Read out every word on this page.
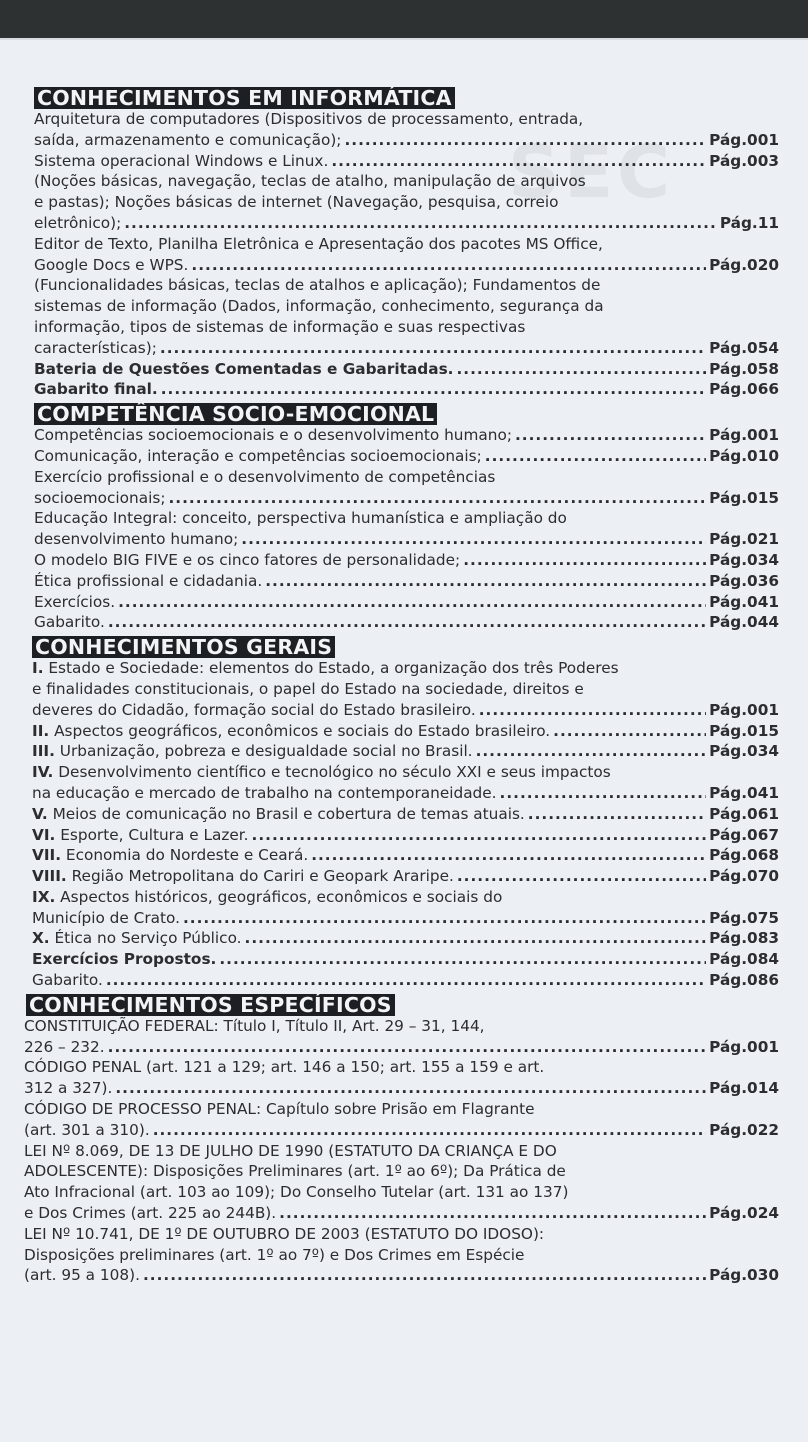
SEC
CONHECIMENTOS EM INFORMÁTICA
Arquitetura de computadores (Dispositivos de processamento, entrada,
saída, armazenamento e comunicação); .....	Pág.001
Sistema operacional Windows e Linux. .....	Pág.003
(Noções básicas, navegação, teclas de atalho, manipulação de arquivos
e pastas); Noções básicas de internet (Navegação, pesquisa, correio
eletrônico); .....	Pág.11
Editor de Texto, Planilha Eletrônica e Apresentação dos pacotes MS Office,
Google Docs e WPS. .....	Pág.020
(Funcionalidades básicas, teclas de atalhos e aplicação); Fundamentos de
sistemas de informação (Dados, informação, conhecimento, segurança da
informação, tipos de sistemas de informação e suas respectivas
características); .....	Pág.054
Bateria de Questões Comentadas e Gabaritadas. .....	Pág.058
Gabarito final. .....	Pág.066
COMPETÊNCIA SOCIO-EMOCIONAL
Competências socioemocionais e o desenvolvimento humano; .....	Pág.001
Comunicação, interação e competências socioemocionais; .....	Pág.010
Exercício profissional e o desenvolvimento de competências
socioemocionais; .....	Pág.015
Educação Integral: conceito, perspectiva humanística e ampliação do
desenvolvimento humano; .....	Pág.021
O modelo BIG FIVE e os cinco fatores de personalidade; .....	Pág.034
Ética profissional e cidadania. .....	Pág.036
Exercícios. .....	Pág.041
Gabarito. .....	Pág.044
CONHECIMENTOS GERAIS
I. Estado e Sociedade: elementos do Estado, a organização dos três Poderes
e finalidades constitucionais, o papel do Estado na sociedade, direitos e
deveres do Cidadão, formação social do Estado brasileiro. .....	Pág.001
II. Aspectos geográficos, econômicos e sociais do Estado brasileiro. .....	Pág.015
III. Urbanização, pobreza e desigualdade social no Brasil. .....	Pág.034
IV. Desenvolvimento científico e tecnológico no século XXI e seus impactos
na educação e mercado de trabalho na contemporaneidade. .....	Pág.041
V. Meios de comunicação no Brasil e cobertura de temas atuais. .....	Pág.061
VI. Esporte, Cultura e Lazer. .....	Pág.067
VII. Economia do Nordeste e Ceará. .....	Pág.068
VIII. Região Metropolitana do Cariri e Geopark Araripe. .....	Pág.070
IX. Aspectos históricos, geográficos, econômicos e sociais do
Município de Crato. .....	Pág.075
X. Ética no Serviço Público. .....	Pág.083
Exercícios Propostos. .....	Pág.084
Gabarito. .....	Pág.086
CONHECIMENTOS ESPECÍFICOS
CONSTITUIÇÃO FEDERAL: Título I, Título II, Art. 29 – 31, 144,
226 – 232. .....	Pág.001
CÓDIGO PENAL (art. 121 a 129; art. 146 a 150; art. 155 a 159 e art.
312 a 327). .....	Pág.014
CÓDIGO DE PROCESSO PENAL: Capítulo sobre Prisão em Flagrante
(art. 301 a 310). .....	Pág.022
LEI Nº 8.069, DE 13 DE JULHO DE 1990 (ESTATUTO DA CRIANÇA E DO
ADOLESCENTE): Disposições Preliminares (art. 1º ao 6º); Da Prática de
Ato Infracional (art. 103 ao 109); Do Conselho Tutelar (art. 131 ao 137)
e Dos Crimes (art. 225 ao 244B). .....	Pág.024
LEI Nº 10.741, DE 1º DE OUTUBRO DE 2003 (ESTATUTO DO IDOSO):
Disposições preliminares (art. 1º ao 7º) e Dos Crimes em Espécie
(art. 95 a 108). .....	Pág.030
